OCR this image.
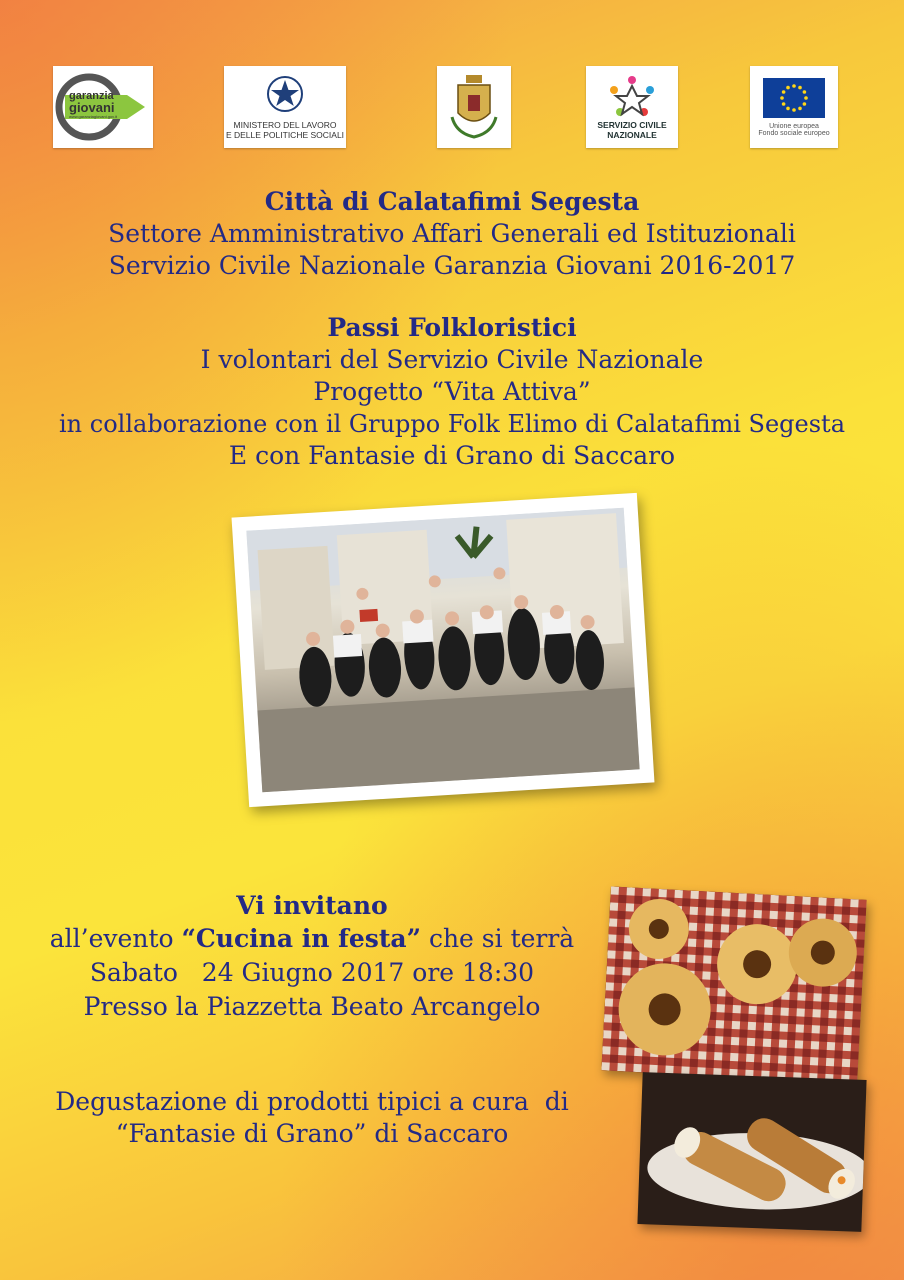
garanzia
giovani
www.garanziagiovani.gov.it
MINISTERO DEL LAVORO
E DELLE POLITICHE SOCIALI
SERVIZIO CIVILE
NAZIONALE
Unione europea
Fondo sociale europeo
Città di Calatafimi Segesta
Settore Amministrativo Affari Generali ed Istituzionali
Servizio Civile Nazionale Garanzia Giovani 2016-2017
Passi Folkloristici
I volontari del Servizio Civile Nazionale
Progetto “Vita Attiva”
in collaborazione con il Gruppo Folk Elimo di Calatafimi Segesta
E con Fantasie di Grano di Saccaro
Vi invitano
all’evento “Cucina in festa” che si terrà
Sabato   24 Giugno 2017 ore 18:30
Presso la Piazzetta Beato Arcangelo
Degustazione di prodotti tipici a cura  di
“Fantasie di Grano” di Saccaro
